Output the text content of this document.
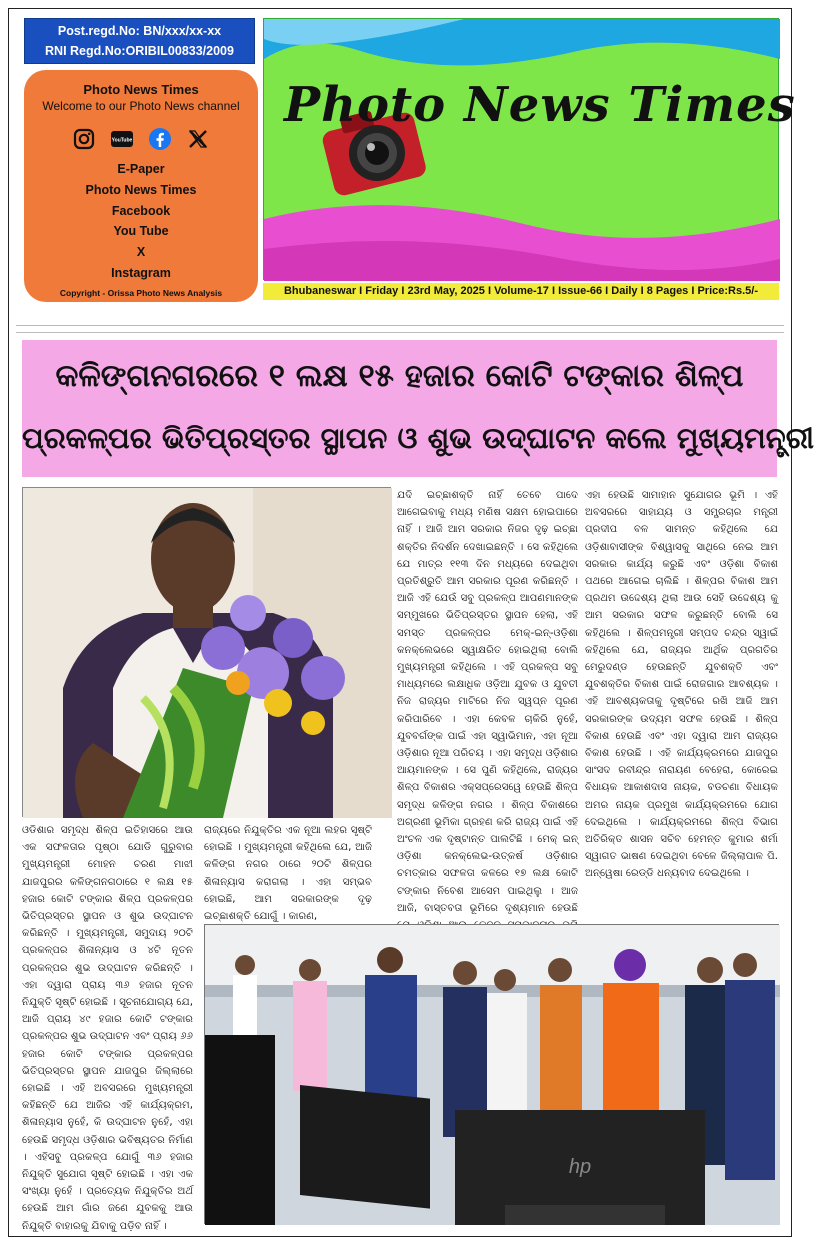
Post.regd.No: BN/xxx/xx-xx
RNI Regd.No:ORIBIL00833/2009
Photo News Times
Welcome to our Photo News channel
YouTube
E-Paper
Photo News Times
Facebook
You Tube
X
Instagram
Copyright - Orissa Photo News Analysis
Photo News Times
Bhubaneswar I Friday I 23rd May, 2025 I Volume-17 I Issue-66 I Daily I 8 Pages I Price:Rs.5/-
କଳିଙ୍ଗନଗରରେ ୧ ଲକ୍ଷ ୧୫ ହଜାର କୋଟି ଟଙ୍କାର ଶିଳ୍ପ
ପ୍ରକଳ୍ପର ଭିତିପ୍ରସ୍ତର ସ୍ଥାପନ ଓ ଶୁଭ ଉଦ୍‌ଘାଟନ କଲେ ମୁଖ୍ୟମନ୍ତ୍ରୀ

ଓଡିଶାର ସମୃଦ୍ଧ ଶିଳ୍ପ ଇତିହାସରେ ଆଉ ଏକ ସଫଳତାର ପୃଷ୍ଠା ଯୋଡି ଗୁରୁବାର ମୁଖ୍ୟମନ୍ତ୍ରୀ ମୋହନ ଚରଣ ମାଝୀ ଯାଜପୁରର କଳିଙ୍ଗନଗଠାରେ ୧ ଲକ୍ଷ ୧୫ ହଜାର କୋଟି ଟଙ୍କାର ଶିଳ୍ପ ପ୍ରକଳ୍ପର ଭିତିପ୍ରସ୍ତର ସ୍ଥାପନ ଓ ଶୁଭ ଉଦ୍‌ଘାଟନ କରିଛନ୍ତି । ମୁଖ୍ୟମନ୍ତ୍ରୀ, ସମୁଦାୟ ୨୦ଟି ପ୍ରକଳ୍ପର ଶିଳାନ୍ୟାସ ଓ ୪ଟି ନୂତନ ପ୍ରକଳ୍ପର ଶୁଭ ଉଦ୍‌ଘାଟନ କରିଛନ୍ତି । ଏହା ଦ୍ୱାରା ପ୍ରାୟ ୩୬ ହଜାର ନୂତନ ନିଯୁକ୍ତି ସୃଷ୍ଟି ହୋଇଛି । ସୂଚନାଯୋଗ୍ୟ ଯେ, ଆଜି ପ୍ରାୟ ୪୯ ହଜାର କୋଟି ଟଙ୍କାର ପ୍ରକଳ୍ପର ଶୁଭ ଉଦ୍‌ଘାଟନ ଏବଂ ପ୍ରାୟ ୬୬ ହଜାର କୋଟି ଟଙ୍କାର ପ୍ରକଳ୍ପର ଭିତିପ୍ରସ୍ତର ସ୍ଥାପନ ଯାଜପୁର ଜିଲ୍ଲାରେ ହୋଇଛି । ଏହି ଅବସରରେ ମୁଖ୍ୟମନ୍ତ୍ରୀ କହିଛନ୍ତି ଯେ ଆଜିର ଏହି କାର୍ଯ୍ୟକ୍ରମ, ଶିଳାନ୍ୟାସ ନୁହେଁ, କି ଉଦ୍‌ଘାଟନ ନୁହେଁ, ଏହା ହେଉଛି ସମୃଦ୍ଧ ଓଡ଼ିଶାର ଭବିଷ୍ୟତର ନିର୍ମାଣ । ଏହିସବୁ ପ୍ରକଳ୍ପ ଯୋଗୁଁ ୩୬ ହଜାର ନିଯୁକ୍ତି ସୁଯୋଗ ସୃଷ୍ଟି ହୋଇଛି । ଏହା ଏକ ସଂଖ୍ୟା ନୁହେଁ । ପ୍ରତ୍ୟେକ ନିଯୁକ୍ତିର ଅର୍ଥ ହେଉଛି ଆମ ଗାଁର ଜଣେ ଯୁବକକୁ ଆଉ ନିଯୁକ୍ତି ବାହାରକୁ ଯିବାକୁ ପଡ଼ିବ ନାହିଁ ।

ରାଜ୍ୟରେ ନିଯୁକ୍ତିର ଏକ ନୂଆ ଲହର ସୃଷ୍ଟି ହୋଇଛି । ମୁଖ୍ୟମନ୍ତ୍ରୀ କହିଥିଲେ ଯେ, ଆଜି କଳିଙ୍ଗ ନଗର ଠାରେ ୨୦ଟି ଶିଳ୍ପର ଶିଳାନ୍ୟାସ କରାଗଲା । ଏହା ସମ୍ଭବ ହୋଇଛି, ଆମ ସରକାରଙ୍କ ଦୃଢ଼ ଇଚ୍ଛାଶକ୍ତି ଯୋଗୁଁ । କାରଣ,

ଯଦି ଇଚ୍ଛାଶକ୍ତି ନାହିଁ ତେବେ ପାଦେ ଆଗେଇବାକୁ ମଧ୍ୟ ମଣିଷ ସକ୍ଷମ ହୋଇପାରେ ନାହିଁ । ଆଜି ଆମ ସରକାର ନିଜର ଦୃଢ଼ ଇଚ୍ଛା ଶକ୍ତିର ନିଦର୍ଶନ ଦେଖାଇଛନ୍ତି । ସେ କହିଥିଲେ ଯେ ମାତ୍ର ୧୧୩ ଦିନ ମଧ୍ୟରେ ଦେଇଥିବା ପ୍ରତିଶ୍ରୁତି ଆମ ସରକାର ପୂରଣ କରିଛନ୍ତି । ଆଜି ଏହି ଯେଉଁ ସବୁ ପ୍ରକଳ୍ପ ଆପଣମାନଙ୍କ ସମ୍ମୁଖରେ ଭିତିପ୍ରସ୍ତର ସ୍ଥାପନ ହେଲା, ଏହି ସମସ୍ତ ପ୍ରକଳ୍ପର ମେକ୍‌-ଇନ୍‌-ଓଡ଼ିଶା କନକ୍ଲେଭରେ ସ୍ୱାକ୍ଷରିତ ହୋଇଥିଲା ବୋଲି ମୁଖ୍ୟମନ୍ତ୍ରୀ କହିଥିଲେ । ଏହି ପ୍ରକଳ୍ପ ସବୁ ମାଧ୍ୟମରେ ଲକ୍ଷାଧିକ ଓଡ଼ିଆ ଯୁବକ ଓ ଯୁବତୀ ନିଜ ରାଜ୍ୟର ମାଟିରେ ନିଜ ସ୍ୱପ୍ନ ପୂରଣ କରିପାରିବେ । ଏହା କେବଳ ଚାକିରି ନୁହେଁ, ଯୁବବର୍ଗଙ୍କ ପାଇଁ ଏହା ସ୍ୱାଭିମାନ, ଏହା ନୂଆ ଓଡ଼ିଶାର ନୂଆ ପରିଚୟ । ଏହା ସମୃଦ୍ଧ ଓଡ଼ିଶାର ଆୟମାନଙ୍କ । ସେ ପୁଣି କହିଥିଲେ, ରାଜ୍ୟର ଶିଳ୍ପ ବିକାଶର ଏକ୍ସପ୍ରେସୱେ ହେଉଛି ଶିଳ୍ପ ସମୃଦ୍ଧ କଳିଙ୍ଗ ନଗର । ଶିଳ୍ପ ବିକାଶରେ ଅଗ୍ରଣୀ ଭୂମିକା ଗ୍ରହଣ କରି ରାଜ୍ୟ ପାଇଁ ଏହି ଅଂଚଳ ଏକ ଦୃଷ୍ଟାନ୍ତ ପାଲଟିଛି । ମେକ୍‌ ଇନ୍‌ ଓଡ଼ିଶା କନକ୍ଲେଭ-ଉତ୍କର୍ଷ ଓଡ଼ିଶାର ଚମତ୍କାର ସଫଳତା କଳରେ ୧୭ ଲକ୍ଷ କୋଟି ଟଙ୍କାର ନିବେଶ ଆସେମ ପାଇଥିଲୁ । ଆଜ ଆଜି, ବାସ୍ତବତା ଭୂମିରେ ଦୃଶ୍ୟମାନ ହେଉଛି

ଏହା ହେଉଛି ସାମାହାନ ସୁଯୋଗର ଭୂମି । ଏହି ଅବସରରେ ସାହାଯ୍ୟ ଓ ସମ୍ପ୍ରଚାର ମନ୍ତ୍ରୀ ପ୍ରଦୀପ ବଳ ସାମନ୍ତ କହିଥିଲେ ଯେ ଓଡ଼ିଶାବାସୀଙ୍କ ବିଶ୍ୱାସକୁ ସାଥିରେ ନେଇ ଆମ ସରକାର କାର୍ଯ୍ୟ କରୁଛି ଏବଂ ଓଡ଼ିଶା ବିକାଶ ପଥରେ ଆଗେଇ ଚାଲିଛି । ଶିଳ୍ପର ବିକାଶ ଆମ ପ୍ରଥମ ଉଦ୍ଦେଶ୍ୟ ଥିଲା ଆଉ ସେହି ଉଦ୍ଦେଶ୍ୟ କୁ ଆମ ସରକାର ସଫଳ କରୁଛନ୍ତି ବୋଲି ସେ କହିଥିଲେ । ଶିଳ୍ପମନ୍ତ୍ରୀ ସମ୍ପଦ ଚନ୍ଦ୍ର ସ୍ୱାଇଁ କହିଥିଲେ ଯେ, ରାଜ୍ୟର ଆର୍ଥିକ ପ୍ରଗତିର ମେରୁଦଣ୍ଡ ହେଉଛନ୍ତି ଯୁବଶକ୍ତି ଏବଂ ଯୁବଶକ୍ତିର ବିକାଶ ପାଇଁ ରୋଜଗାର ଆବଶ୍ୟକ । ଏହି ଆବଶ୍ୟକତାକୁ ଦୃଷ୍ଟିରେ ରଖି ଆଜି ଆମ ସରକାରଙ୍କ ଉଦ୍ୟମ ସଫଳ ହେଉଛି । ଶିଳ୍ପ ବିକାଶ ହେଉଛି ଏବଂ ଏହା ଦ୍ୱାରା ଆମ ରାଜ୍ୟର ବିକାଶ ହେଉଛି । ଏହି କାର୍ଯ୍ୟକ୍ରମରେ ଯାଜପୁର ସାଂସଦ ରବୀନ୍ଦ୍ର ନାରାୟଣ ବେହେରା, କୋରେଇ ବିଧାୟକ ଆକାଶଦାସ ନାୟକ, ବଡଚଣା ବିଧାୟକ ଅମର ନାୟକ ପ୍ରମୁଖ କାର୍ଯ୍ୟକ୍ରମରେ ଯୋଗ ଦେଇଥିଲେ । କାର୍ଯ୍ୟକ୍ରମରେ ଶିଳ୍ପ ବିଭାଗ ଅତିରିକ୍ତ ଶାସନ ସଚିବ ହେମନ୍ତ କୁମାର ଶର୍ମା ସ୍ୱାଗତ ଭାଷଣ ଦେଇଥିବା ବେଳେ ଜିଲ୍ଲାପାଳ ପି. ଅନ୍ୱେଷା ରେଡ୍ଡି ଧନ୍ୟବାଦ ଦେଇଥିଲେ ।

hp
